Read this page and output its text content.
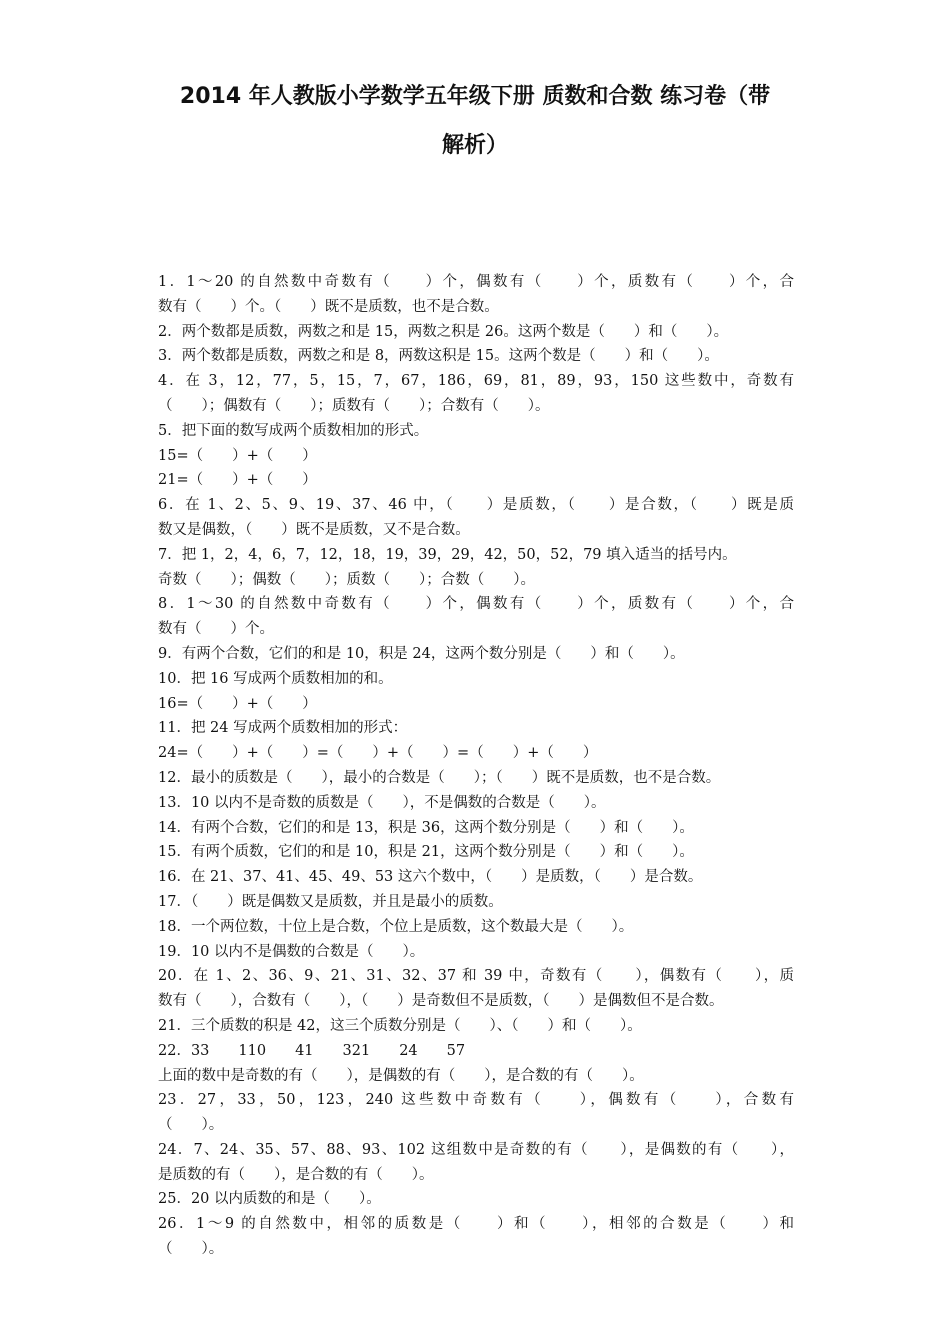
2014 年人教版小学数学五年级下册 质数和合数 练习卷（带
解析）
1．1～20 的自然数中奇数有（　　）个，偶数有（　　）个，质数有（　　）个，合
数有（　　）个。（　　）既不是质数，也不是合数。
2．两个数都是质数，两数之和是 15，两数之积是 26。这两个数是（　　）和（　　）。
3．两个数都是质数，两数之和是 8，两数这积是 15。这两个数是（　　）和（　　）。
4．在 3，12，77，5，15，7，67，186，69，81，89，93，150 这些数中，奇数有
（　　）；偶数有（　　）；质数有（　　）；合数有（　　）。
5．把下面的数写成两个质数相加的形式。
15=（　　）+（　　）
21=（　　）+（　　）
6．在 1、2、5、9、19、37、46 中，（　　）是质数，（　　）是合数，（　　）既是质
数又是偶数，（　　）既不是质数，又不是合数。
7．把 1，2，4，6，7，12，18，19，39，29，42，50，52，79 填入适当的括号内。
奇数（　　）；偶数（　　）；质数（　　）；合数（　　）。
8．1～30 的自然数中奇数有（　　）个，偶数有（　　）个，质数有（　　）个，合
数有（　　）个。
9．有两个合数，它们的和是 10，积是 24，这两个数分别是（　　）和（　　）。
10．把 16 写成两个质数相加的和。
16=（　　）+（　　）
11．把 24 写成两个质数相加的形式：
24=（　　）+（　　）=（　　）+（　　）=（　　）+（　　）
12．最小的质数是（　　），最小的合数是（　　）；（　　）既不是质数，也不是合数。
13．10 以内不是奇数的质数是（　　），不是偶数的合数是（　　）。
14．有两个合数，它们的和是 13，积是 36，这两个数分别是（　　）和（　　）。
15．有两个质数，它们的和是 10，积是 21，这两个数分别是（　　）和（　　）。
16．在 21、37、41、45、49、53 这六个数中，（　　）是质数，（　　）是合数。
17．（　　）既是偶数又是质数，并且是最小的质数。
18．一个两位数，十位上是合数，个位上是质数，这个数最大是（　　）。
19．10 以内不是偶数的合数是（　　）。
20．在 1、2、36、9、21、31、32、37 和 39 中，奇数有（　　），偶数有（　　），质
数有（　　），合数有（　　），（　　）是奇数但不是质数，（　　）是偶数但不是合数。
21．三个质数的积是 42，这三个质数分别是（　　）、（　　）和（　　）。
22．33　　110　　41　　321　　24　　57
上面的数中是奇数的有（　　），是偶数的有（　　），是合数的有（　　）。
23．27，33，50，123，240 这些数中奇数有（　　），偶数有（　　），合数有
（　　）。
24．7、24、35、57、88、93、102 这组数中是奇数的有（　　），是偶数的有（　　），
是质数的有（　　），是合数的有（　　）。
25．20 以内质数的和是（　　）。
26．1～9 的自然数中，相邻的质数是（　　）和（　　），相邻的合数是（　　）和
（　　）。
